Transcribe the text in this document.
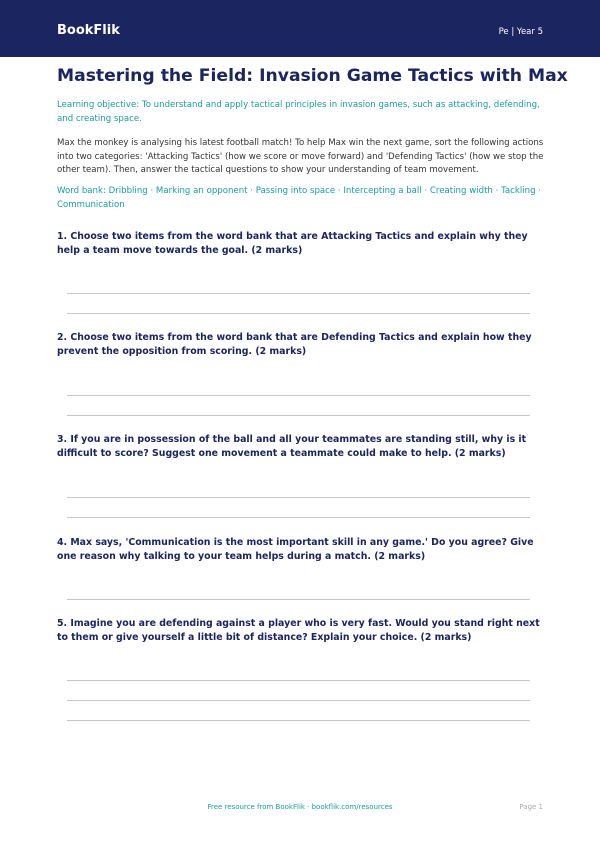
BookFlik	Pe | Year 5
Mastering the Field: Invasion Game Tactics with Max

Learning objective: To understand and apply tactical principles in invasion games, such as attacking, defending, and creating space.

Max the monkey is analysing his latest football match! To help Max win the next game, sort the following actions into two categories: 'Attacking Tactics' (how we score or move forward) and 'Defending Tactics' (how we stop the other team). Then, answer the tactical questions to show your understanding of team movement.

Word bank: Dribbling · Marking an opponent · Passing into space · Intercepting a ball · Creating width · Tackling · Communication

1. Choose two items from the word bank that are Attacking Tactics and explain why they help a team move towards the goal. (2 marks)

2. Choose two items from the word bank that are Defending Tactics and explain how they prevent the opposition from scoring. (2 marks)

3. If you are in possession of the ball and all your teammates are standing still, why is it difficult to score? Suggest one movement a teammate could make to help. (2 marks)

4. Max says, 'Communication is the most important skill in any game.' Do you agree? Give one reason why talking to your team helps during a match. (2 marks)

5. Imagine you are defending against a player who is very fast. Would you stand right next to them or give yourself a little bit of distance? Explain your choice. (2 marks)

Free resource from BookFlik · bookflik.com/resources	Page 1
